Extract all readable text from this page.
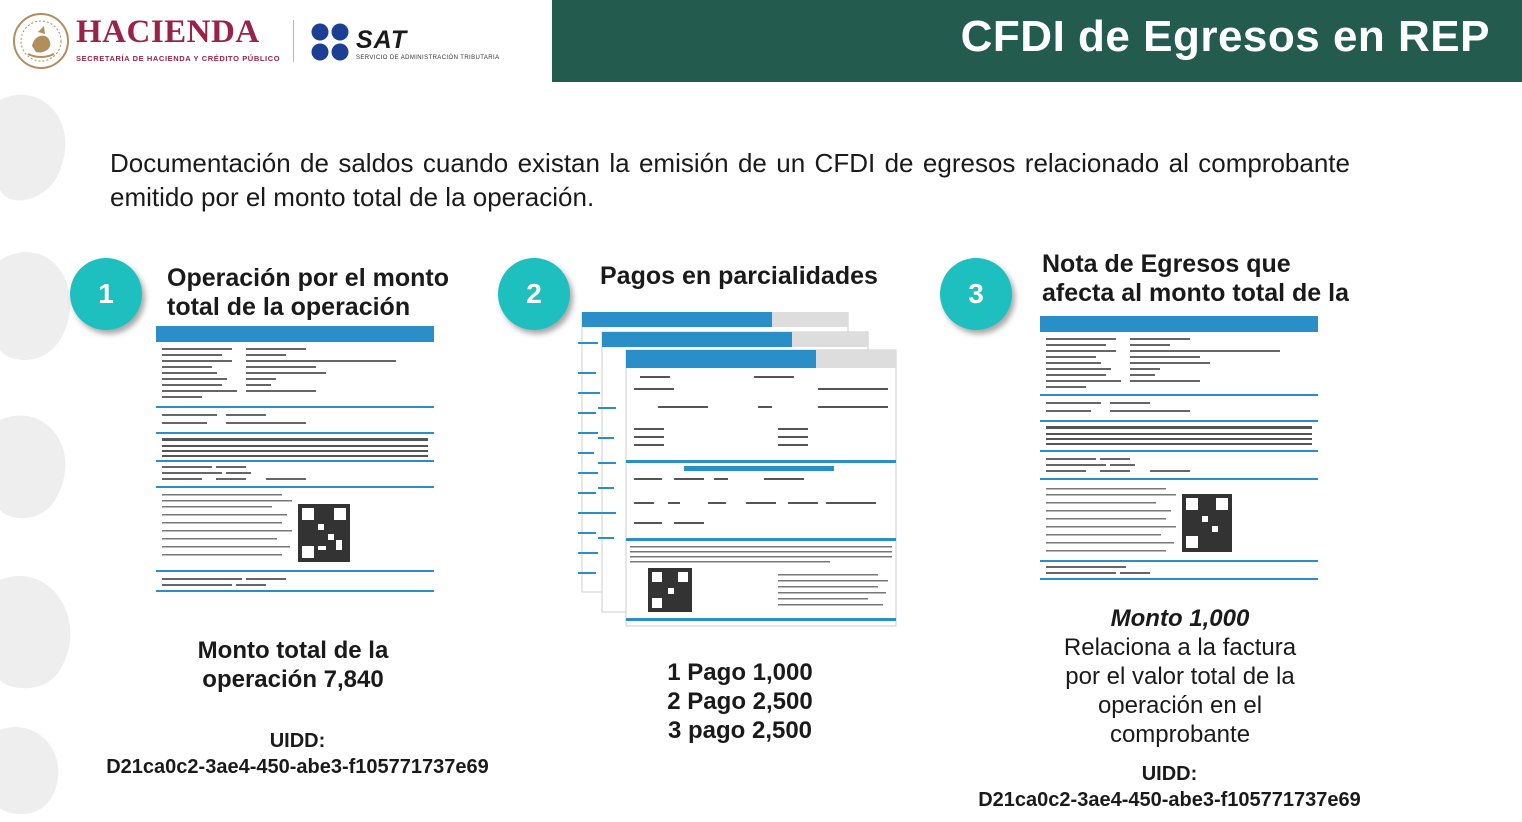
HACIENDA
SECRETARÍA DE HACIENDA Y CRÉDITO PÚBLICO
SAT
SERVICIO DE ADMINISTRACIÓN TRIBUTARIA	CFDI de Egresos en REP
Documentación de saldos cuando existan la emisión de un CFDI de egresos relacionado al comprobante emitido por el monto total de la operación.
1	Operación por el monto
total de la operación
Monto total de la
operación 7,840
UIDD:
D21ca0c2-3ae4-450-abe3-f105771737e69
2
Pagos en parcialidades
1 Pago 1,000
2 Pago 2,500
3 pago 2,500
3
Nota de Egresos que
afecta al monto total de la
Monto 1,000
Relaciona a la factura
por el valor total de la
operación en el
comprobante
UIDD:
D21ca0c2-3ae4-450-abe3-f105771737e69
